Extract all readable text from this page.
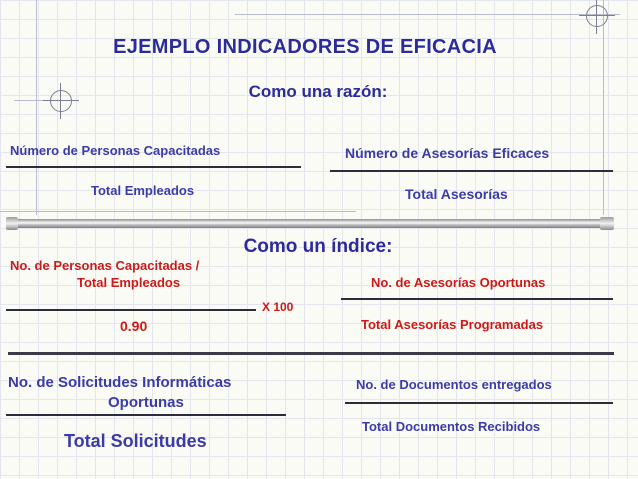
EJEMPLO INDICADORES DE EFICACIA
Como una razón:
Número de Personas Capacitadas
Total Empleados
Número de Asesorías Eficaces
Total Asesorías
Como un índice:
No. de Personas Capacitadas /
Total Empleados
X 100
0.90
No. de Asesorías Oportunas
Total Asesorías Programadas
No. de Solicitudes Informáticas
Oportunas
Total Solicitudes
No. de Documentos entregados
Total Documentos Recibidos
